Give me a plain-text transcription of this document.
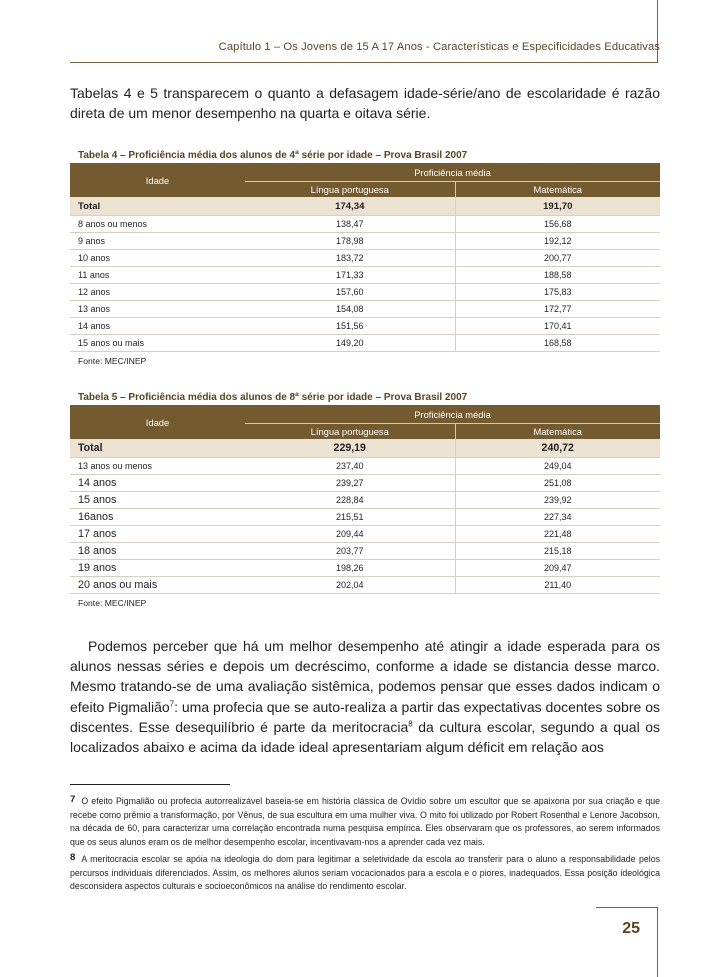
Capítulo 1 – Os Jovens de 15 A 17 Anos - Características e Especificidades Educativas

Tabelas 4 e 5 transparecem o quanto a defasagem idade-série/ano de escolaridade é razão direta de um menor desempenho na quarta e oitava série.

Tabela 4 – Proficiência média dos alunos de 4ª série por idade – Prova Brasil 2007
Idade	Proficiência média	
	Língua portuguesa	Matemática
Total	174,34	191,70
8 anos ou menos	138,47	156,68
9 anos	178,98	192,12
10 anos	183,72	200,77
11 anos	171,33	188,58
12 anos	157,60	175,83
13 anos	154,08	172,77
14 anos	151,56	170,41
15 anos ou mais	149,20	168,58
Fonte: MEC/INEP
Tabela 5 – Proficiência média dos alunos de 8ª série por idade – Prova Brasil 2007
Idade	Proficiência média	
	Língua portuguesa	Matemática
Total	229,19	240,72
13 anos ou menos	237,40	249,04
14 anos	239,27	251,08
15 anos	228,84	239,92
16anos	215,51	227,34
17 anos	209,44	221,48
18 anos	203,77	215,18
19 anos	198,26	209,47
20 anos ou mais	202,04	211,40
Fonte: MEC/INEP

Podemos perceber que há um melhor desempenho até atingir a idade esperada para os alunos nessas séries e depois um decréscimo, conforme a idade se distancia desse marco. Mesmo tratando-se de uma avaliação sistêmica, podemos pensar que esses dados indicam o efeito Pigmalião$^7$: uma profecia que se auto-realiza a partir das expectativas docentes sobre os discentes. Esse desequilíbrio é parte da meritocracia$^8$ da cultura escolar, segundo a qual os localizados abaixo e acima da idade ideal apresentariam algum déficit em relação aos

7 O efeito Pigmalião ou profecia autorrealizável baseia-se em história clássica de Ovídio sobre um escultor que se apaixona por sua criação e que recebe como prêmio a transformação, por Vênus, de sua escultura em uma mulher viva. O mito foi utilizado por Robert Rosenthal e Lenore Jacobson, na década de 60, para caracterizar uma correlação encontrada numa pesquisa empírica. Eles observaram que os professores, ao serem informados que os seus alunos eram os de melhor desempenho escolar, incentivavam-nos a aprender cada vez mais.

8 A meritocracia escolar se apóia na ideologia do dom para legitimar a seletividade da escola ao transferir para o aluno a responsabilidade pelos percursos individuais diferenciados. Assim, os melhores alunos seriam vocacionados para a escola e o piores, inadequados. Essa posição ideológica desconsidera aspectos culturais e socioeconômicos na análise do rendimento escolar.

25
